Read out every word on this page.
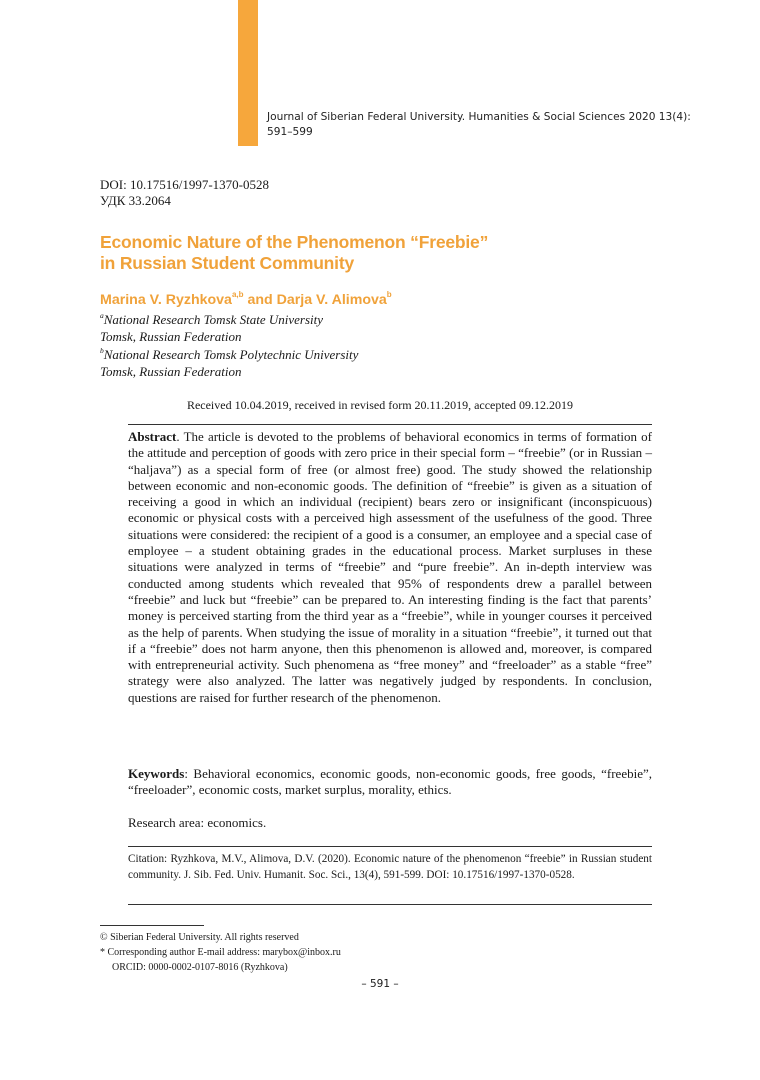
Journal of Siberian Federal University. Humanities & Social Sciences 2020 13(4):
591–599
DOI: 10.17516/1997-1370-0528
УДК 33.2064
Economic Nature of the Phenomenon “Freebie”
in Russian Student Community
Marina V. Ryzhkova$^{a,b}$ and Darja V. Alimova$^b$
$^a$National Research Tomsk State University
Tomsk, Russian Federation
$^b$National Research Tomsk Polytechnic University
Tomsk, Russian Federation
Received 10.04.2019, received in revised form 20.11.2019, accepted 09.12.2019

Abstract. The article is devoted to the problems of behavioral economics in terms of formation of the attitude and perception of goods with zero price in their special form – “freebie” (or in Russian – “haljava”) as a special form of free (or almost free) good. The study showed the relationship between economic and non-economic goods. The definition of “freebie” is given as a situation of receiving a good in which an individual (recipient) bears zero or insignificant (inconspicuous) economic or physical costs with a perceived high assessment of the usefulness of the good. Three situations were considered: the recipient of a good is a consumer, an employee and a special case of employee – a student obtaining grades in the educational process. Market surpluses in these situations were analyzed in terms of “freebie” and “pure freebie”. An in-depth interview was conducted among students which revealed that 95% of respondents drew a parallel between “freebie” and luck but “freebie” can be prepared to. An interesting finding is the fact that parents’ money is perceived starting from the third year as a “freebie”, while in younger courses it perceived as the help of parents. When studying the issue of morality in a situation “freebie”, it turned out that if a “freebie” does not harm anyone, then this phenomenon is allowed and, moreover, is compared with entrepreneurial activity. Such phenomena as “free money” and “freeloader” as a stable “free” strategy were also analyzed. The latter was negatively judged by respondents. In conclusion, questions are raised for further research of the phenomenon.

Keywords: Behavioral economics, economic goods, non-economic goods, free goods, “freebie”, “freeloader”, economic costs, market surplus, morality, ethics.

Research area: economics.

Citation: Ryzhkova, M.V., Alimova, D.V. (2020). Economic nature of the phenomenon “freebie” in Russian student community. J. Sib. Fed. Univ. Humanit. Soc. Sci., 13(4), 591-599. DOI: 10.17516/1997-1370-0528.

© Siberian Federal University. All rights reserved
* Corresponding author E-mail address: marybox@inbox.ru
ORCID: 0000-0002-0107-8016 (Ryzhkova)
– 591 –
